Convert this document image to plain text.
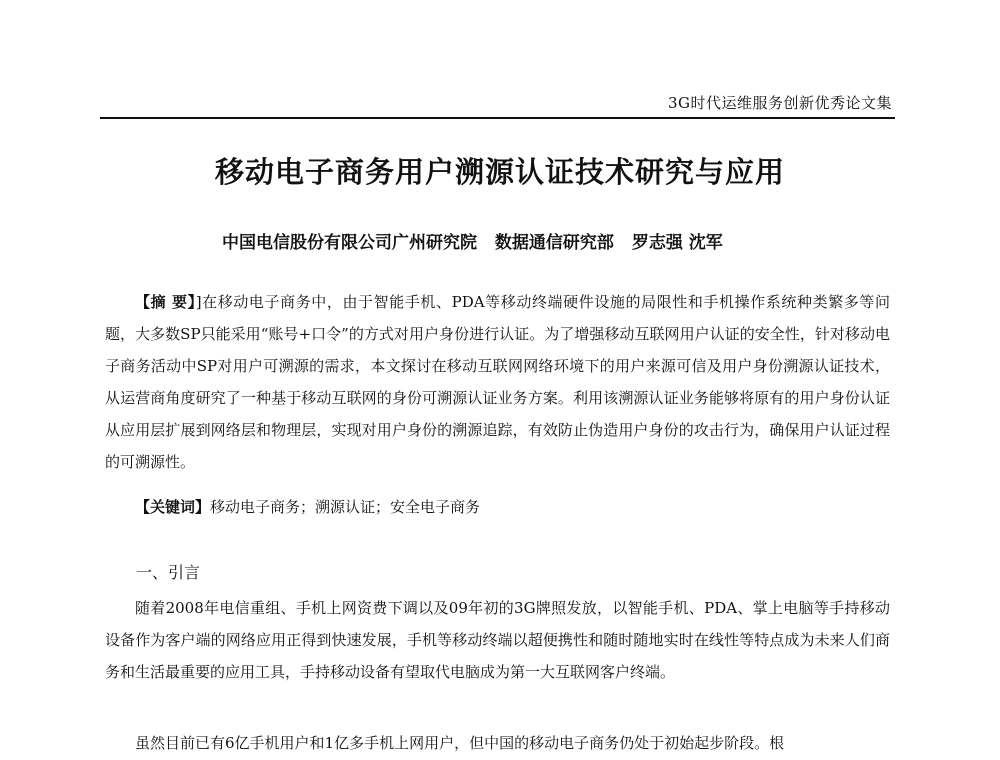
3G时代运维服务创新优秀论文集
移动电子商务用户溯源认证技术研究与应用
中国电信股份有限公司广州研究院 数据通信研究部 罗志强 沈军
【摘 要】]在移动电子商务中，由于智能手机、PDA等移动终端硬件设施的局限性和手机操作系统种类繁多等问题，大多数SP只能采用“账号+口令”的方式对用户身份进行认证。为了增强移动互联网用户认证的安全性，针对移动电子商务活动中SP对用户可溯源的需求，本文探讨在移动互联网网络环境下的用户来源可信及用户身份溯源认证技术，从运营商角度研究了一种基于移动互联网的身份可溯源认证业务方案。利用该溯源认证业务能够将原有的用户身份认证从应用层扩展到网络层和物理层，实现对用户身份的溯源追踪，有效防止伪造用户身份的攻击行为，确保用户认证过程的可溯源性。
【关键词】移动电子商务；溯源认证；安全电子商务
一、引言
随着2008年电信重组、手机上网资费下调以及09年初的3G牌照发放，以智能手机、PDA、掌上电脑等手持移动设备作为客户端的网络应用正得到快速发展，手机等移动终端以超便携性和随时随地实时在线性等特点成为未来人们商务和生活最重要的应用工具，手持移动设备有望取代电脑成为第一大互联网客户终端。
虽然目前已有6亿手机用户和1亿多手机上网用户，但中国的移动电子商务仍处于初始起步阶段。根
